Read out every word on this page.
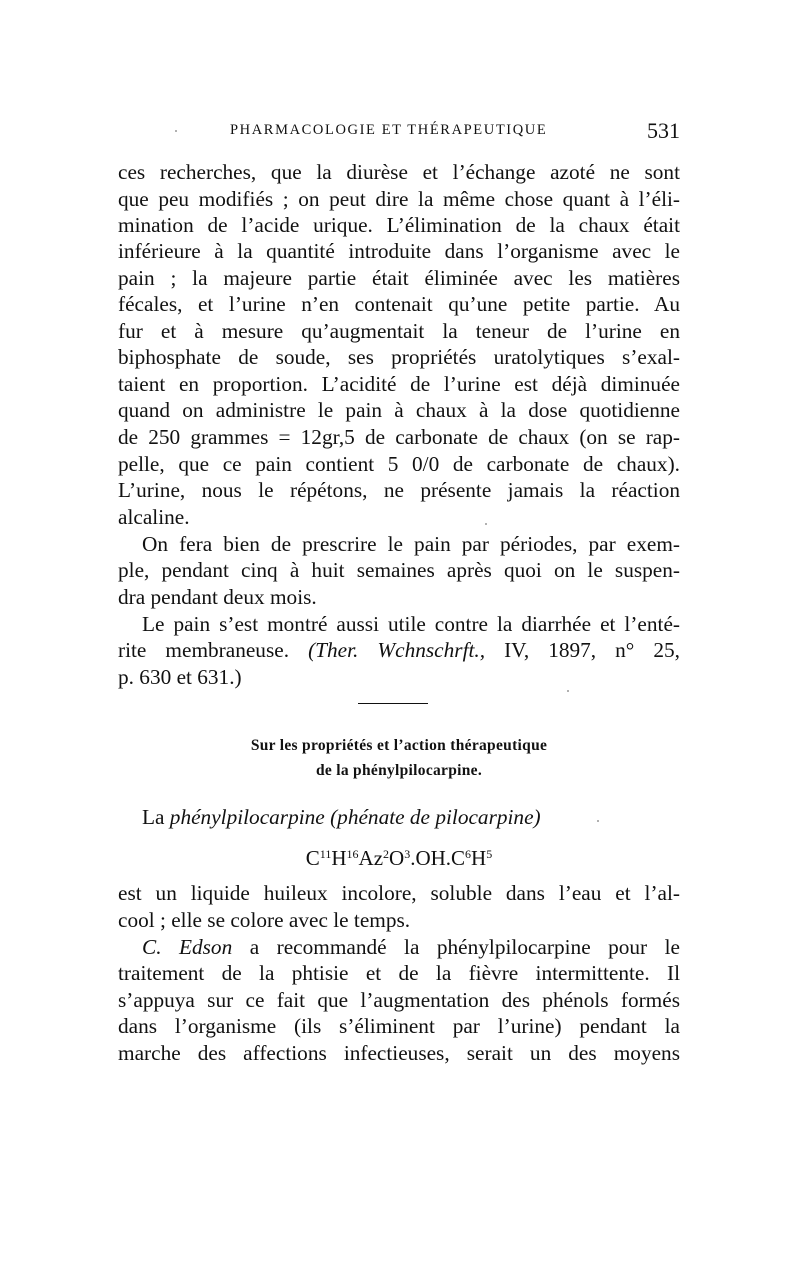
PHARMACOLOGIE ET THÉRAPEUTIQUE	531
ces recherches, que la diurèse et l’échange azoté ne sont
que peu modifiés ; on peut dire la même chose quant à l’éli-
mination de l’acide urique. L’élimination de la chaux était
inférieure à la quantité introduite dans l’organisme avec le
pain ; la majeure partie était éliminée avec les matières
fécales, et l’urine n’en contenait qu’une petite partie. Au
fur et à mesure qu’augmentait la teneur de l’urine en
biphosphate de soude, ses propriétés uratolytiques s’exal-
taient en proportion. L’acidité de l’urine est déjà diminuée
quand on administre le pain à chaux à la dose quotidienne
de 250 grammes = 12gr,5 de carbonate de chaux (on se rap-
pelle, que ce pain contient 5 0/0 de carbonate de chaux).
L’urine, nous le répétons, ne présente jamais la réaction
alcaline.
On fera bien de prescrire le pain par périodes, par exem-
ple, pendant cinq à huit semaines après quoi on le suspen-
dra pendant deux mois.
Le pain s’est montré aussi utile contre la diarrhée et l’enté-
rite membraneuse. (Ther. Wchnschrft., IV, 1897, n° 25,
p. 630 et 631.)
Sur les propriétés et l’action thérapeutique
de la phénylpilocarpine.
La phénylpilocarpine (phénate de pilocarpine)
$C^{11}H^{16}Az^2O^3.OH.C^6H^5$
est un liquide huileux incolore, soluble dans l’eau et l’al-
cool ; elle se colore avec le temps.
C. Edson a recommandé la phénylpilocarpine pour le
traitement de la phtisie et de la fièvre intermittente. Il
s’appuya sur ce fait que l’augmentation des phénols formés
dans l’organisme (ils s’éliminent par l’urine) pendant la
marche des affections infectieuses, serait un des moyens
